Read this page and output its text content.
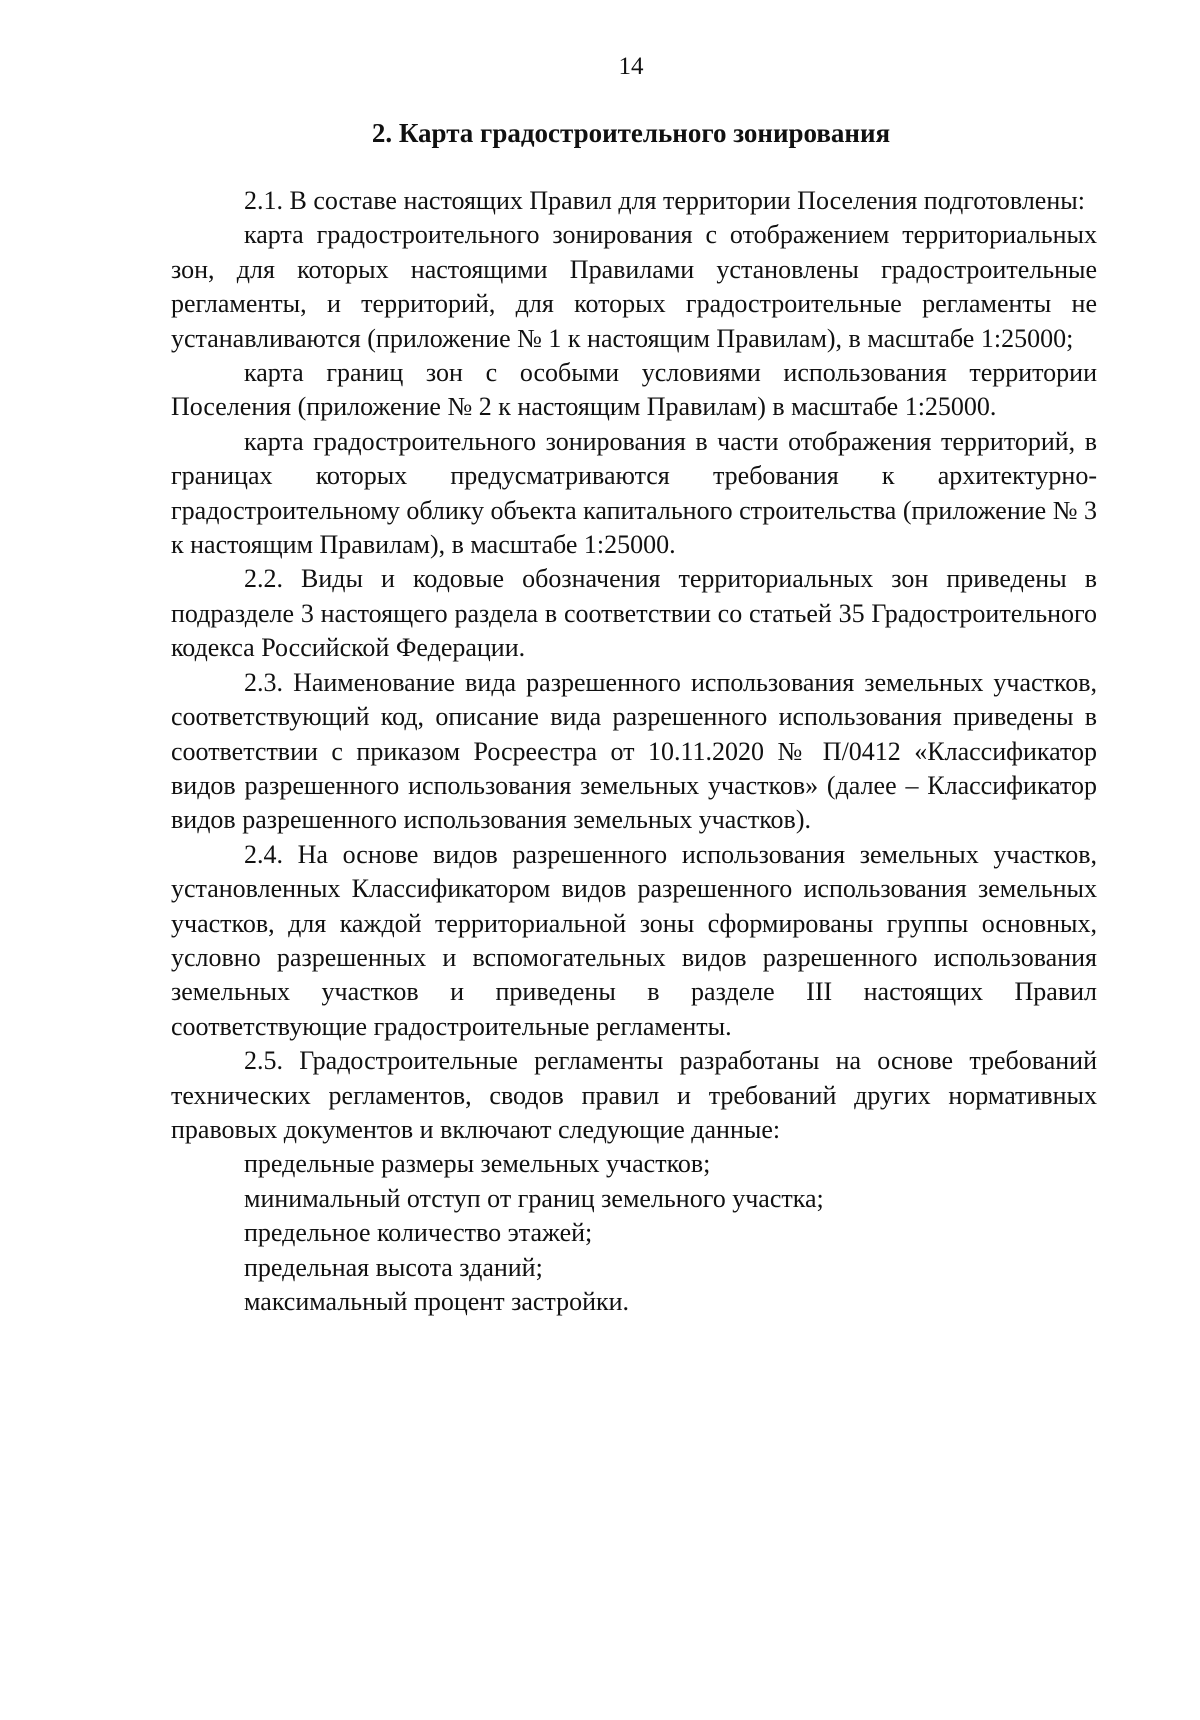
14
2. Карта градостроительного зонирования

2.1. В составе настоящих Правил для территории Поселения подготовлены:

карта градостроительного зонирования с отображением территориальных зон, для которых настоящими Правилами установлены градостроительные регламенты, и территорий, для которых градостроительные регламенты не устанавливаются (приложение № 1 к настоящим Правилам), в масштабе 1:25000;

карта границ зон с особыми условиями использования территории Поселения (приложение № 2 к настоящим Правилам) в масштабе 1:25000.

карта градостроительного зонирования в части отображения территорий, в границах которых предусматриваются требования к архитектурно-градостроительному облику объекта капитального строительства (приложение № 3 к настоящим Правилам), в масштабе 1:25000.

2.2. Виды и кодовые обозначения территориальных зон приведены в подразделе 3 настоящего раздела в соответствии со статьей 35 Градостроительного кодекса Российской Федерации.

2.3. Наименование вида разрешенного использования земельных участков, соответствующий код, описание вида разрешенного использования приведены в соответствии с приказом Росреестра от 10.11.2020 № П/0412 «Классификатор видов разрешенного использования земельных участков» (далее – Классификатор видов разрешенного использования земельных участков).

2.4. На основе видов разрешенного использования земельных участков, установленных Классификатором видов разрешенного использования земельных участков, для каждой территориальной зоны сформированы группы основных, условно разрешенных и вспомогательных видов разрешенного использования земельных участков и приведены в разделе III настоящих Правил соответствующие градостроительные регламенты.

2.5. Градостроительные регламенты разработаны на основе требований технических регламентов, сводов правил и требований других нормативных правовых документов и включают следующие данные:

предельные размеры земельных участков;

минимальный отступ от границ земельного участка;

предельное количество этажей;

предельная высота зданий;

максимальный процент застройки.
